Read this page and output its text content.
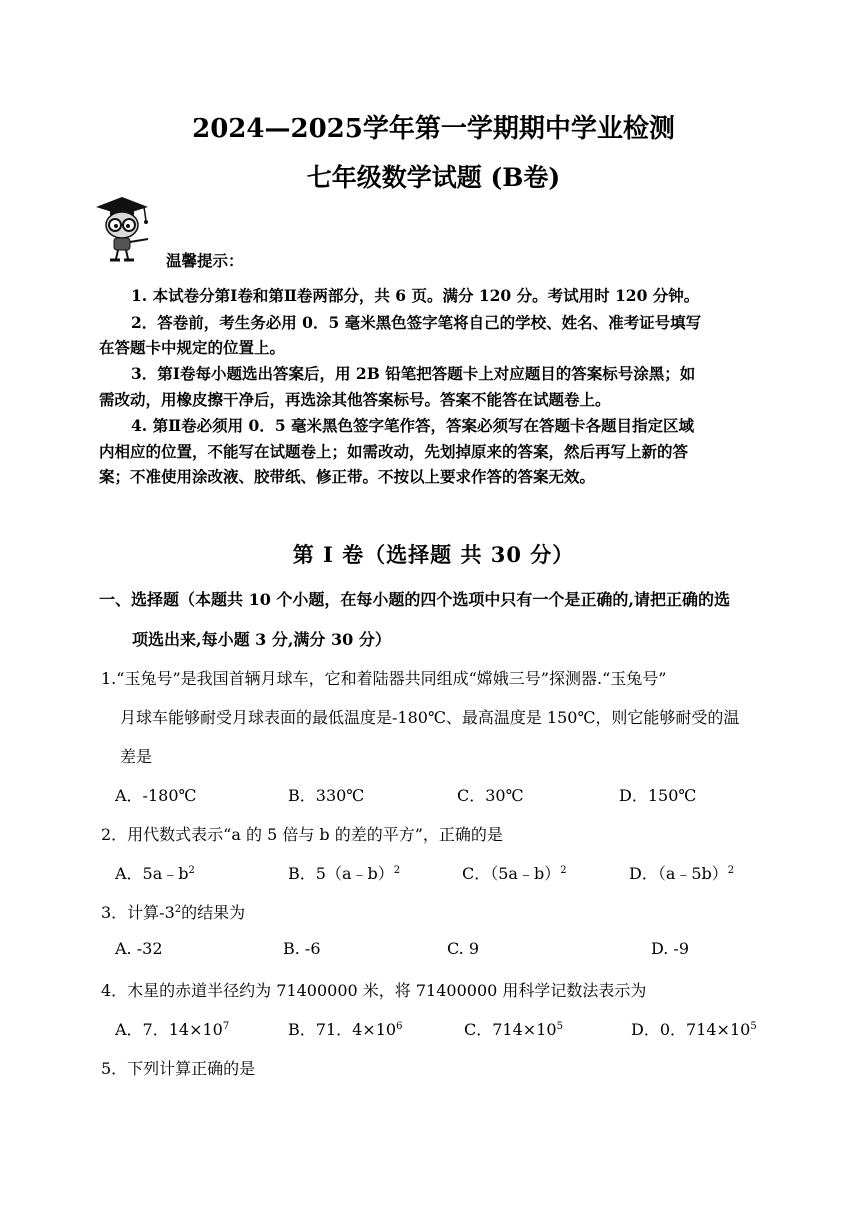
2024—2025学年第一学期期中学业检测
七年级数学试题 (B卷)
温馨提示：
1. 本试卷分第Ⅰ卷和第Ⅱ卷两部分，共 6 页。满分 120 分。考试用时 120 分钟。
2．答卷前，考生务必用 0．5 毫米黑色签字笔将自己的学校、姓名、准考证号填写
在答题卡中规定的位置上。
3．第Ⅰ卷每小题选出答案后，用 2B 铅笔把答题卡上对应题目的答案标号涂黑；如
需改动，用橡皮擦干净后，再选涂其他答案标号。答案不能答在试题卷上。
4. 第Ⅱ卷必须用 0．5 毫米黑色签字笔作答，答案必须写在答题卡各题目指定区域
内相应的位置，不能写在试题卷上；如需改动，先划掉原来的答案，然后再写上新的答
案；不准使用涂改液、胶带纸、修正带。不按以上要求作答的答案无效。
第 Ⅰ 卷（选择题 共 30 分）
一、选择题（本题共 10 个小题，在每小题的四个选项中只有一个是正确的,请把正确的选
项选出来,每小题 3 分,满分 30 分）
1.“玉兔号”是我国首辆月球车，它和着陆器共同组成“嫦娥三号”探测器.“玉兔号”
月球车能够耐受月球表面的最低温度是-180℃、最高温度是 150℃，则它能够耐受的温
差是
A．-180℃	B．330℃	C．30℃	D．150℃
2．用代数式表示“a 的 5 倍与 b 的差的平方”，正确的是
A．$5a﹣b^2$	B．5（a﹣b）$^2$	C．（5a﹣b）$^2$	D．（a﹣5b）$^2$
3．计算$-3^2$的结果为
A. -32	B. -6	C. 9	D. -9
4．木星的赤道半径约为 71400000 米，将 71400000 用科学记数法表示为
A．7．$14\times 10^7$	B．71．$4\times 10^6$	C．$714\times 10^5$	D．0．$714\times 10^5$
5．下列计算正确的是
